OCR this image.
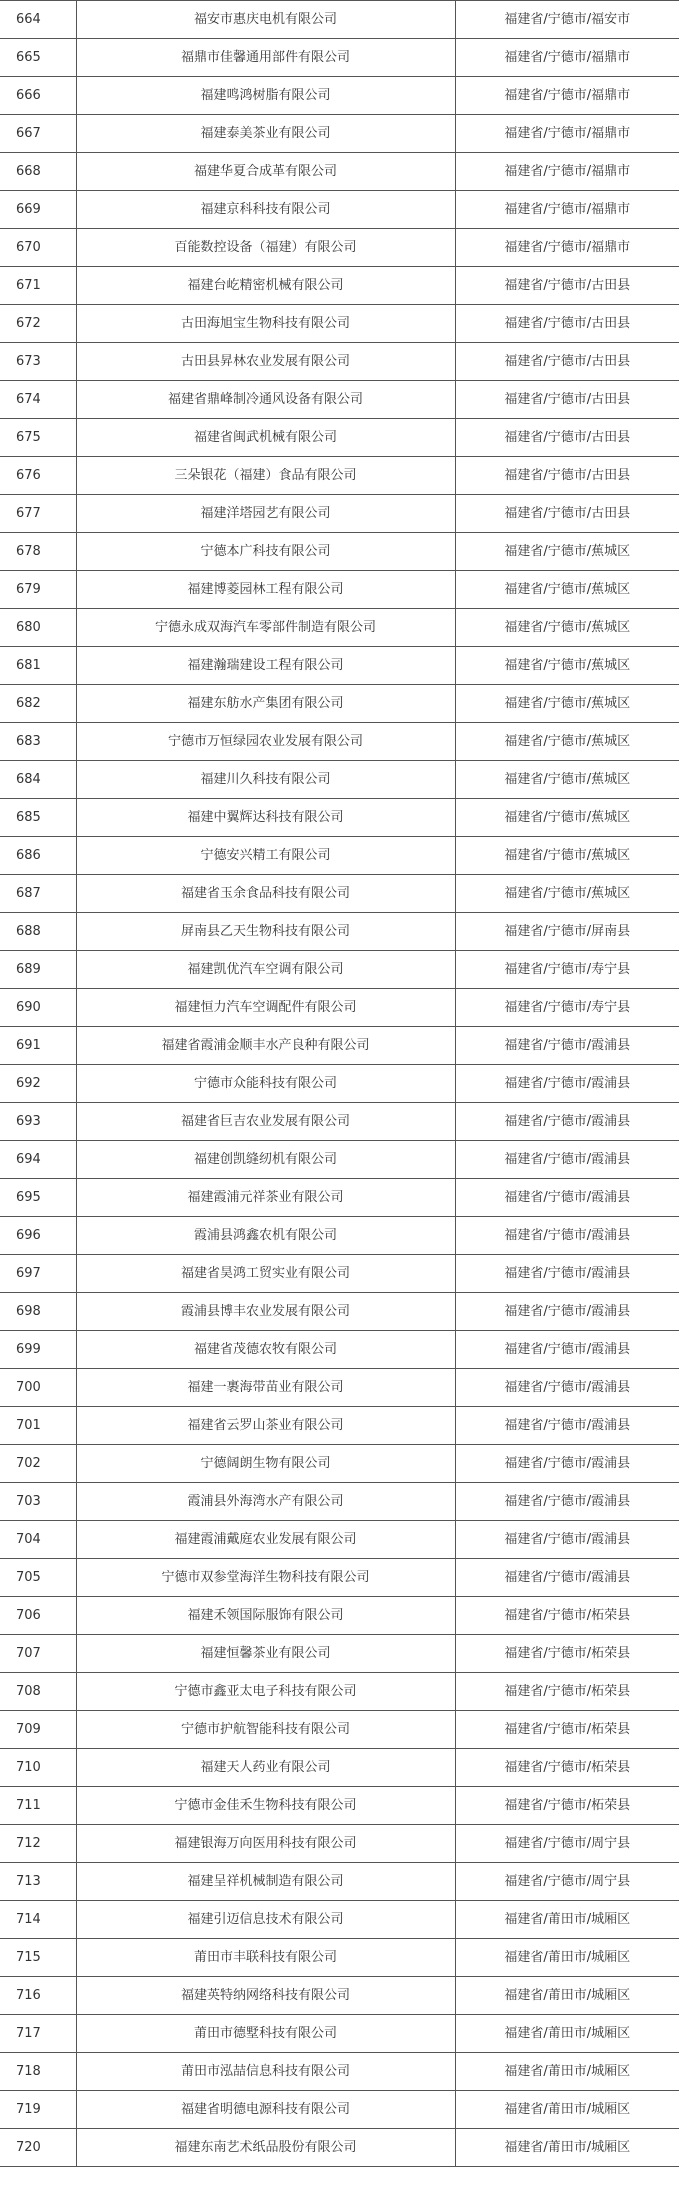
664	福安市惠庆电机有限公司	福建省/宁德市/福安市
665	福鼎市佳馨通用部件有限公司	福建省/宁德市/福鼎市
666	福建鸣鸿树脂有限公司	福建省/宁德市/福鼎市
667	福建泰美茶业有限公司	福建省/宁德市/福鼎市
668	福建华夏合成革有限公司	福建省/宁德市/福鼎市
669	福建京科科技有限公司	福建省/宁德市/福鼎市
670	百能数控设备（福建）有限公司	福建省/宁德市/福鼎市
671	福建台屹精密机械有限公司	福建省/宁德市/古田县
672	古田海旭宝生物科技有限公司	福建省/宁德市/古田县
673	古田县昇林农业发展有限公司	福建省/宁德市/古田县
674	福建省鼎峰制冷通风设备有限公司	福建省/宁德市/古田县
675	福建省闽武机械有限公司	福建省/宁德市/古田县
676	三朵银花（福建）食品有限公司	福建省/宁德市/古田县
677	福建洋塔园艺有限公司	福建省/宁德市/古田县
678	宁德本广科技有限公司	福建省/宁德市/蕉城区
679	福建博菱园林工程有限公司	福建省/宁德市/蕉城区
680	宁德永成双海汽车零部件制造有限公司	福建省/宁德市/蕉城区
681	福建瀚瑞建设工程有限公司	福建省/宁德市/蕉城区
682	福建东舫水产集团有限公司	福建省/宁德市/蕉城区
683	宁德市万恒绿园农业发展有限公司	福建省/宁德市/蕉城区
684	福建川久科技有限公司	福建省/宁德市/蕉城区
685	福建中翼辉达科技有限公司	福建省/宁德市/蕉城区
686	宁德安兴精工有限公司	福建省/宁德市/蕉城区
687	福建省玉余食品科技有限公司	福建省/宁德市/蕉城区
688	屏南县乙天生物科技有限公司	福建省/宁德市/屏南县
689	福建凯优汽车空调有限公司	福建省/宁德市/寿宁县
690	福建恒力汽车空调配件有限公司	福建省/宁德市/寿宁县
691	福建省霞浦金顺丰水产良种有限公司	福建省/宁德市/霞浦县
692	宁德市众能科技有限公司	福建省/宁德市/霞浦县
693	福建省巨吉农业发展有限公司	福建省/宁德市/霞浦县
694	福建创凯缝纫机有限公司	福建省/宁德市/霞浦县
695	福建霞浦元祥茶业有限公司	福建省/宁德市/霞浦县
696	霞浦县鸿鑫农机有限公司	福建省/宁德市/霞浦县
697	福建省昊鸿工贸实业有限公司	福建省/宁德市/霞浦县
698	霞浦县博丰农业发展有限公司	福建省/宁德市/霞浦县
699	福建省茂德农牧有限公司	福建省/宁德市/霞浦县
700	福建一裹海带苗业有限公司	福建省/宁德市/霞浦县
701	福建省云罗山茶业有限公司	福建省/宁德市/霞浦县
702	宁德阔朗生物有限公司	福建省/宁德市/霞浦县
703	霞浦县外海湾水产有限公司	福建省/宁德市/霞浦县
704	福建霞浦戴庭农业发展有限公司	福建省/宁德市/霞浦县
705	宁德市双参堂海洋生物科技有限公司	福建省/宁德市/霞浦县
706	福建禾领国际服饰有限公司	福建省/宁德市/柘荣县
707	福建恒馨茶业有限公司	福建省/宁德市/柘荣县
708	宁德市鑫亚太电子科技有限公司	福建省/宁德市/柘荣县
709	宁德市护航智能科技有限公司	福建省/宁德市/柘荣县
710	福建天人药业有限公司	福建省/宁德市/柘荣县
711	宁德市金佳禾生物科技有限公司	福建省/宁德市/柘荣县
712	福建银海万向医用科技有限公司	福建省/宁德市/周宁县
713	福建呈祥机械制造有限公司	福建省/宁德市/周宁县
714	福建引迈信息技术有限公司	福建省/莆田市/城厢区
715	莆田市丰联科技有限公司	福建省/莆田市/城厢区
716	福建英特纳网络科技有限公司	福建省/莆田市/城厢区
717	莆田市德墅科技有限公司	福建省/莆田市/城厢区
718	莆田市泓喆信息科技有限公司	福建省/莆田市/城厢区
719	福建省明德电源科技有限公司	福建省/莆田市/城厢区
720	福建东南艺术纸品股份有限公司	福建省/莆田市/城厢区
